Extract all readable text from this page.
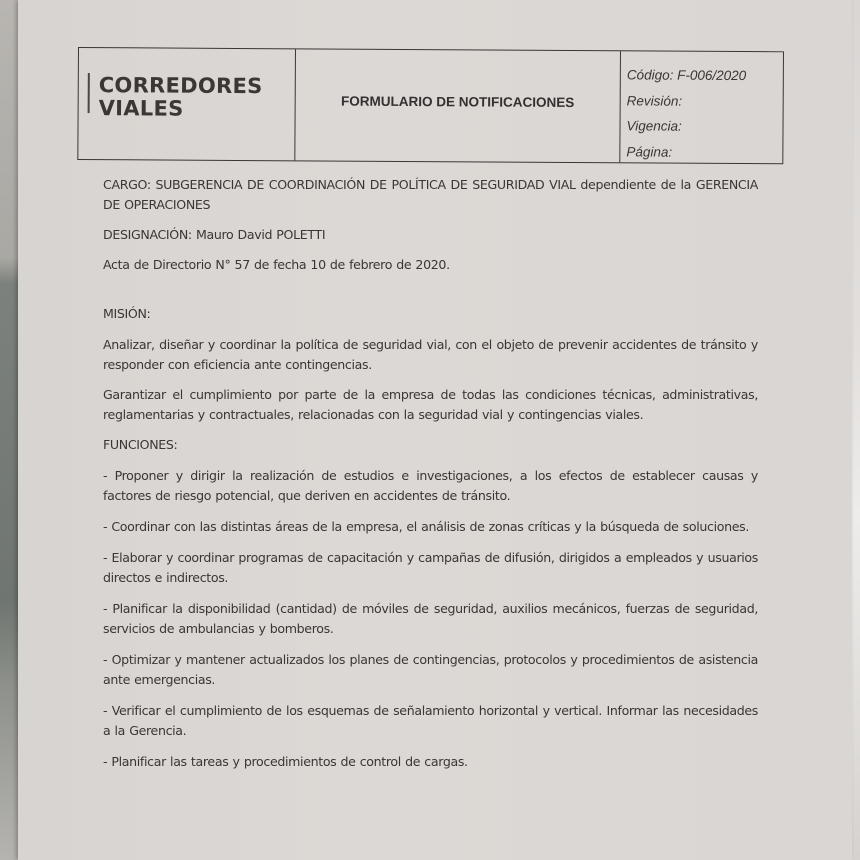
CORREDORES
VIALES	FORMULARIO DE NOTIFICACIONES
Código: F-006/2020
Revisión:
Vigencia:
Página:

CARGO: SUBGERENCIA DE COORDINACIÓN DE POLÍTICA DE SEGURIDAD VIAL dependiente de la GERENCIA DE OPERACIONES

DESIGNACIÓN: Mauro David POLETTI

Acta de Directorio N° 57 de fecha 10 de febrero de 2020.

MISIÓN:

Analizar, diseñar y coordinar la política de seguridad vial, con el objeto de prevenir accidentes de tránsito y responder con eficiencia ante contingencias.

Garantizar el cumplimiento por parte de la empresa de todas las condiciones técnicas, administrativas, reglamentarias y contractuales, relacionadas con la seguridad vial y contingencias viales.

FUNCIONES:

- Proponer y dirigir la realización de estudios e investigaciones, a los efectos de establecer causas y factores de riesgo potencial, que deriven en accidentes de tránsito.

- Coordinar con las distintas áreas de la empresa, el análisis de zonas críticas y la búsqueda de soluciones.

- Elaborar y coordinar programas de capacitación y campañas de difusión, dirigidos a empleados y usuarios directos e indirectos.

- Planificar la disponibilidad (cantidad) de móviles de seguridad, auxilios mecánicos, fuerzas de seguridad, servicios de ambulancias y bomberos.

- Optimizar y mantener actualizados los planes de contingencias, protocolos y procedimientos de asistencia ante emergencias.

- Verificar el cumplimiento de los esquemas de señalamiento horizontal y vertical. Informar las necesidades a la Gerencia.

- Planificar las tareas y procedimientos de control de cargas.
